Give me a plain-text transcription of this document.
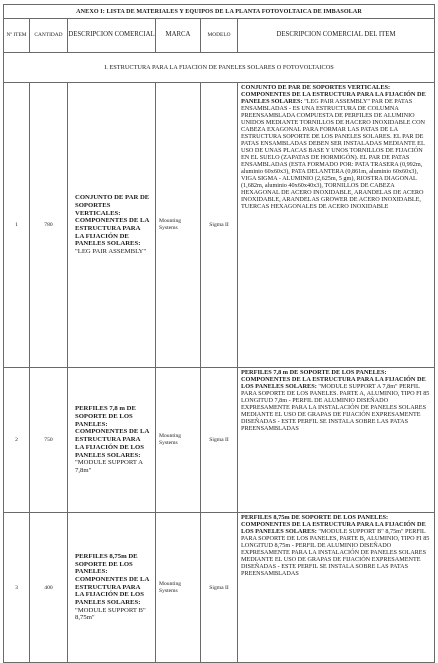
ANEXO I: LISTA DE MATERIALES Y EQUIPOS DE LA PLANTA FOTOVOLTAICA DE IMBASOLAR					
Nº ITEM	CANTIDAD	DESCRIPCION COMERCIAL	MARCA	MODELO	DESCRIPCION COMERCIAL DEL ITEM
I. ESTRUCTURA PARA LA FIJACION DE PANELES SOLARES O FOTOVOLTAICOS					
1	780	CONJUNTO DE PAR DE SOPORTES VERTICALES: COMPONENTES DE LA ESTRUCTURA PARA LA FIJACIÓN DE PANELES SOLARES: "LEG PAIR ASSEMBLY"	Mounting Systems	Sigma II	CONJUNTO DE PAR DE SOPORTES VERTICALES: COMPONENTES DE LA ESTRUCTURA PARA LA FIJACIÓN DE PANELES SOLARES: "LEG PAIR ASSEMBLY" PAR DE PATAS ENSAMBLADAS - ES UNA ESTRUCTURA DE COLUMNA PREENSAMBLADA COMPUESTA DE PERFILES DE ALUMINIO UNIDOS MEDIANTE TORNILLOS DE HACERO INOXIDABLE CON CABEZA EXAGONAL PARA FORMAR LAS PATAS DE LA ESTRUCTURA SOPORTE DE LOS PANELES SOLARES. EL PAR DE PATAS ENSAMBLADAS DEBEN SER INSTALADAS MEDIANTE EL USO DE UNAS PLACAS BASE Y UNOS TORNILLOS DE FIJACIÓN EN EL SUELO (ZAPATAS DE HORMIGÓN). EL PAR DE PATAS ENSAMBLADAS (ESTA FORMADO POR: PATA TRASERA (0,992m, aluminio 60x60x3), PATA DELANTERA (0,861m, aluminio 60x60x3), VIGA SIGMA - ALUMINIO (2,625m, 5 gm), RIOSTRA DIAGONAL (1,682m, aluminio 40x60x40x3), TORNILLOS DE CABEZA HEXAGONAL DE ACERO INOXIDABLE, ARANDELAS DE ACERO INOXIDABLE, ARANDELAS GROWER DE ACERO INOXIDABLE, TUERCAS HEXAGONALES DE ACERO INOXIDABLE
2	750	PERFILES 7,8 m DE SOPORTE DE LOS PANELES: COMPONENTES DE LA ESTRUCTURA PARA LA FIJACIÓN DE LOS PANELES SOLARES: "MODULE SUPPORT A 7,8m"	Mounting Systems	Sigma II	PERFILES 7,8 m DE SOPORTE DE LOS PANELES: COMPONENTES DE LA ESTRUCTURA PARA LA FIJACIÓN DE LOS PANELES SOLARES: "MODULE SUPPORT A 7,8m" PERFIL PARA SOPORTE DE LOS PANELES. PARTE A, ALUMINIO, TIPO FI 85 LONGITUD 7,8m - PERFIL DE ALUMINIO DISEÑADO EXPRESAMENTE PARA LA INSTALACIÓN DE PANELES SOLARES MEDIANTE EL USO DE GRAPAS DE FIJACIÓN EXPRESAMENTE DISEÑADAS - ESTE PERFIL SE INSTALA SOBRE LAS PATAS PREENSAMBLADAS
3	400	PERFILES 8,75m DE SOPORTE DE LOS PANELES: COMPONENTES DE LA ESTRUCTURA PARA LA FIJACIÓN DE LOS PANELES SOLARES: "MODULE SUPPORT B" 8,75m"	Mounting Systems	Sigma II	PERFILES 8,75m DE SOPORTE DE LOS PANELES: COMPONENTES DE LA ESTRUCTURA PARA LA FIJACIÓN DE LOS PANELES SOLARES: "MODULE SUPPORT B" 8,75m" PERFIL PARA SOPORTE DE LOS PANELES, PARTE B, ALUMINIO, TIPO FI 85 LONGITUD 8,75m - PERFIL DE ALUMINIO DISEÑADO EXPRESAMENTE PARA LA INSTALACIÓN DE PANELES SOLARES MEDIANTE EL USO DE GRAPAS DE FIJACIÓN EXPRESAMENTE DISEÑADAS - ESTE PERFIL SE INSTALA SOBRE LAS PATAS PREENSAMBLADAS
